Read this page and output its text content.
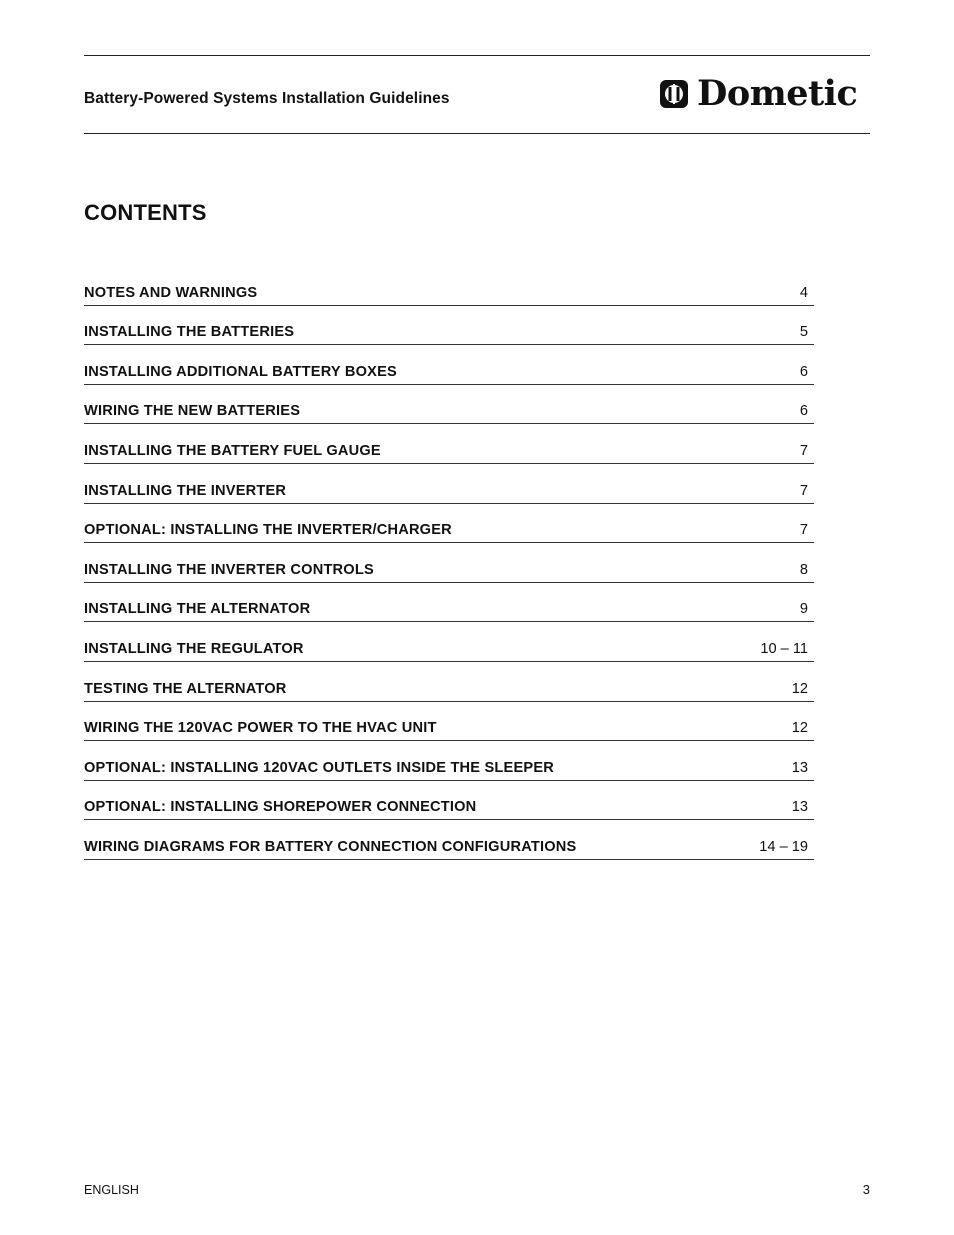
Battery-Powered Systems Installation Guidelines	Dometic
CONTENTS
NOTES AND WARNINGS	4
INSTALLING THE BATTERIES	5
INSTALLING ADDITIONAL BATTERY BOXES	6
WIRING THE NEW BATTERIES	6
INSTALLING THE BATTERY FUEL GAUGE	7
INSTALLING THE INVERTER	7
OPTIONAL: INSTALLING THE INVERTER/CHARGER	7
INSTALLING THE INVERTER CONTROLS	8
INSTALLING THE ALTERNATOR	9
INSTALLING THE REGULATOR	10 – 11
TESTING THE ALTERNATOR	12
WIRING THE 120VAC POWER TO THE HVAC UNIT	12
OPTIONAL: INSTALLING 120VAC OUTLETS INSIDE THE SLEEPER	13
OPTIONAL: INSTALLING SHOREPOWER CONNECTION	13
WIRING DIAGRAMS FOR BATTERY CONNECTION CONFIGURATIONS	14 – 19
ENGLISH	3
